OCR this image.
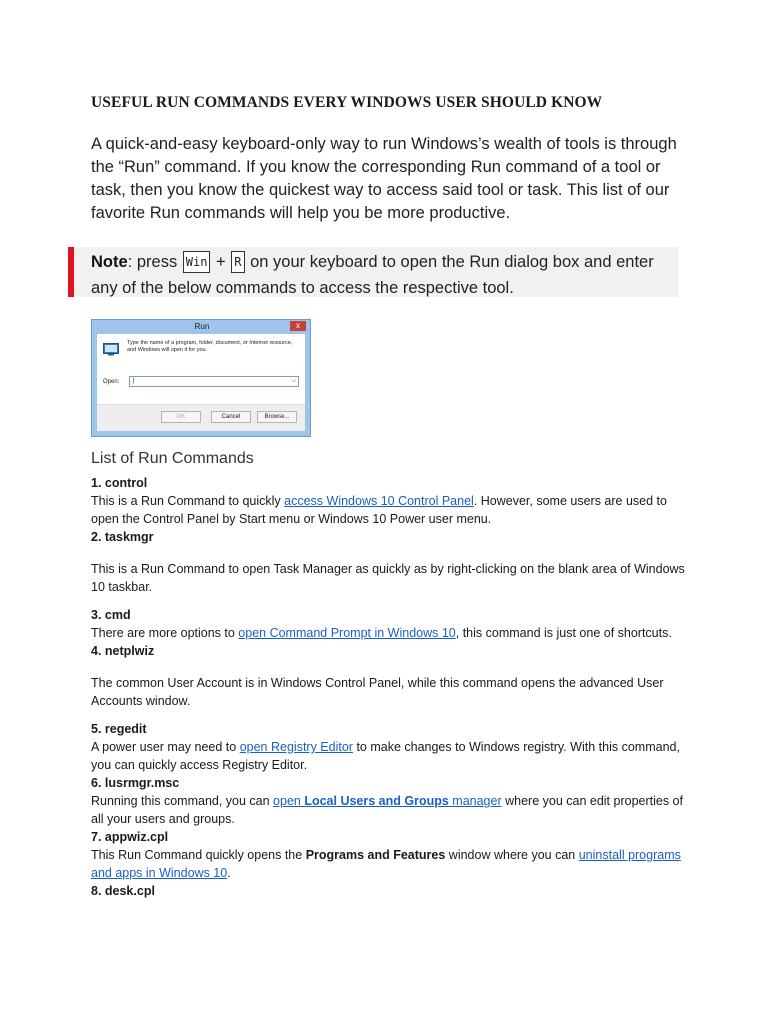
USEFUL RUN COMMANDS EVERY WINDOWS USER SHOULD KNOW

A quick-and-easy keyboard-only way to run Windows’s wealth of tools is through the “Run” command. If you know the corresponding Run command of a tool or task, then you know the quickest way to access said tool or task. This list of our favorite Run commands will help you be more productive.

Note: press Win + R on your keyboard to open the Run dialog box and enter any of the below commands to access the respective tool.
Run	x
Type the name of a program, folder, document, or Internet resource, and Windows will open it for you.
Open:	|	⌵
OK	Cancel	Browse...
List of Run Commands
1. control

This is a Run Command to quickly access Windows 10 Control Panel. However, some users are used to open the Control Panel by Start menu or Windows 10 Power user menu.

2. taskmgr

This is a Run Command to open Task Manager as quickly as by right-clicking on the blank area of Windows 10 taskbar.

3. cmd

There are more options to open Command Prompt in Windows 10, this command is just one of shortcuts.

4. netplwiz

The common User Account is in Windows Control Panel, while this command opens the advanced User Accounts window.

5. regedit

A power user may need to open Registry Editor to make changes to Windows registry. With this command, you can quickly access Registry Editor.

6. lusrmgr.msc

Running this command, you can open Local Users and Groups manager where you can edit properties of all your users and groups.

7. appwiz.cpl

This Run Command quickly opens the Programs and Features window where you can uninstall programs and apps in Windows 10.

8. desk.cpl
